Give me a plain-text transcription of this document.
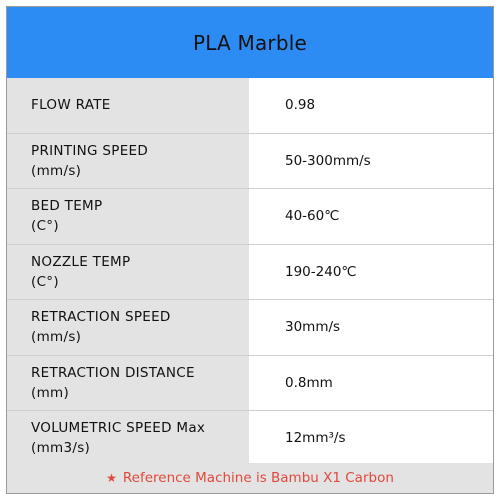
PLA Marble
FLOW RATE	0.98
PRINTING SPEED
(mm/s)
50-300mm/s
BED TEMP
(C°)
40-60℃
NOZZLE TEMP
(C°)
190-240℃
RETRACTION SPEED
(mm/s)
30mm/s
RETRACTION DISTANCE
(mm)
0.8mm
VOLUMETRIC SPEED Max
(mm3/s)
12mm³/s
★ Reference Machine is Bambu X1 Carbon
